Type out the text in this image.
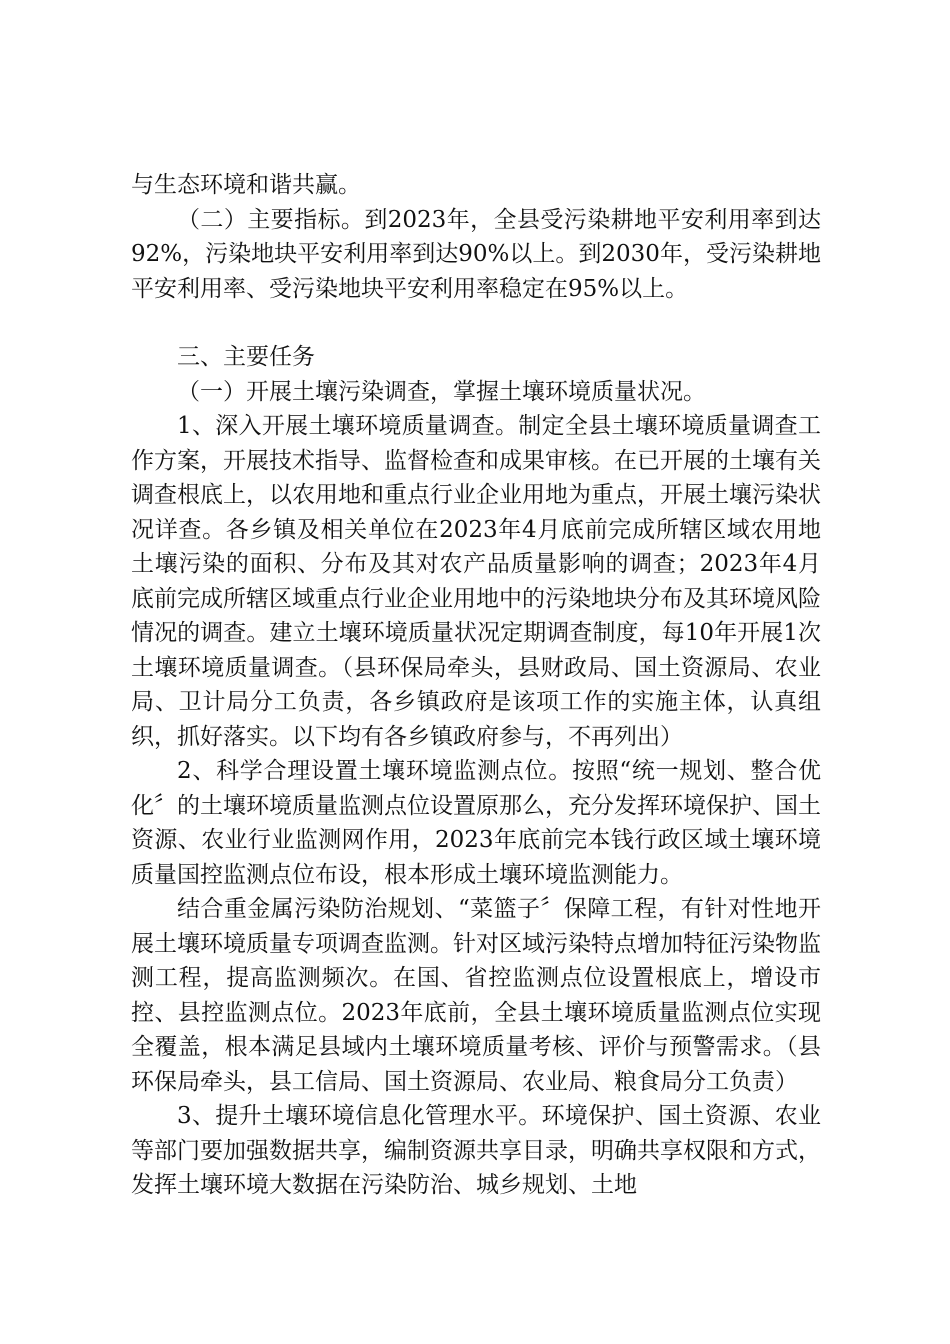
与生态环境和谐共赢。

（二）主要指标。到2023年，全县受污染耕地平安利用率到达92%，污染地块平安利用率到达90%以上。到2030年，受污染耕地平安利用率、受污染地块平安利用率稳定在95%以上。

三、主要任务

（一）开展土壤污染调查，掌握土壤环境质量状况。

1、深入开展土壤环境质量调查。制定全县土壤环境质量调查工作方案，开展技术指导、监督检查和成果审核。在已开展的土壤有关调查根底上，以农用地和重点行业企业用地为重点，开展土壤污染状况详查。各乡镇及相关单位在2023年4月底前完成所辖区域农用地土壤污染的面积、分布及其对农产品质量影响的调查；2023年4月底前完成所辖区域重点行业企业用地中的污染地块分布及其环境风险情况的调查。建立土壤环境质量状况定期调查制度，每10年开展1次土壤环境质量调查。（县环保局牵头，县财政局、国土资源局、农业局、卫计局分工负责，各乡镇政府是该项工作的实施主体，认真组织，抓好落实。以下均有各乡镇政府参与，不再列出）

2、科学合理设置土壤环境监测点位。按照“统一规划、整合优化〞的土壤环境质量监测点位设置原那么，充分发挥环境保护、国土资源、农业行业监测网作用，2023年底前完本钱行政区域土壤环境质量国控监测点位布设，根本形成土壤环境监测能力。

结合重金属污染防治规划、“菜篮子〞保障工程，有针对性地开展土壤环境质量专项调查监测。针对区域污染特点增加特征污染物监测工程，提高监测频次。在国、省控监测点位设置根底上，增设市控、县控监测点位。2023年底前，全县土壤环境质量监测点位实现全覆盖，根本满足县域内土壤环境质量考核、评价与预警需求。（县环保局牵头，县工信局、国土资源局、农业局、粮食局分工负责）

3、提升土壤环境信息化管理水平。环境保护、国土资源、农业等部门要加强数据共享，编制资源共享目录，明确共享权限和方式，发挥土壤环境大数据在污染防治、城乡规划、土地
